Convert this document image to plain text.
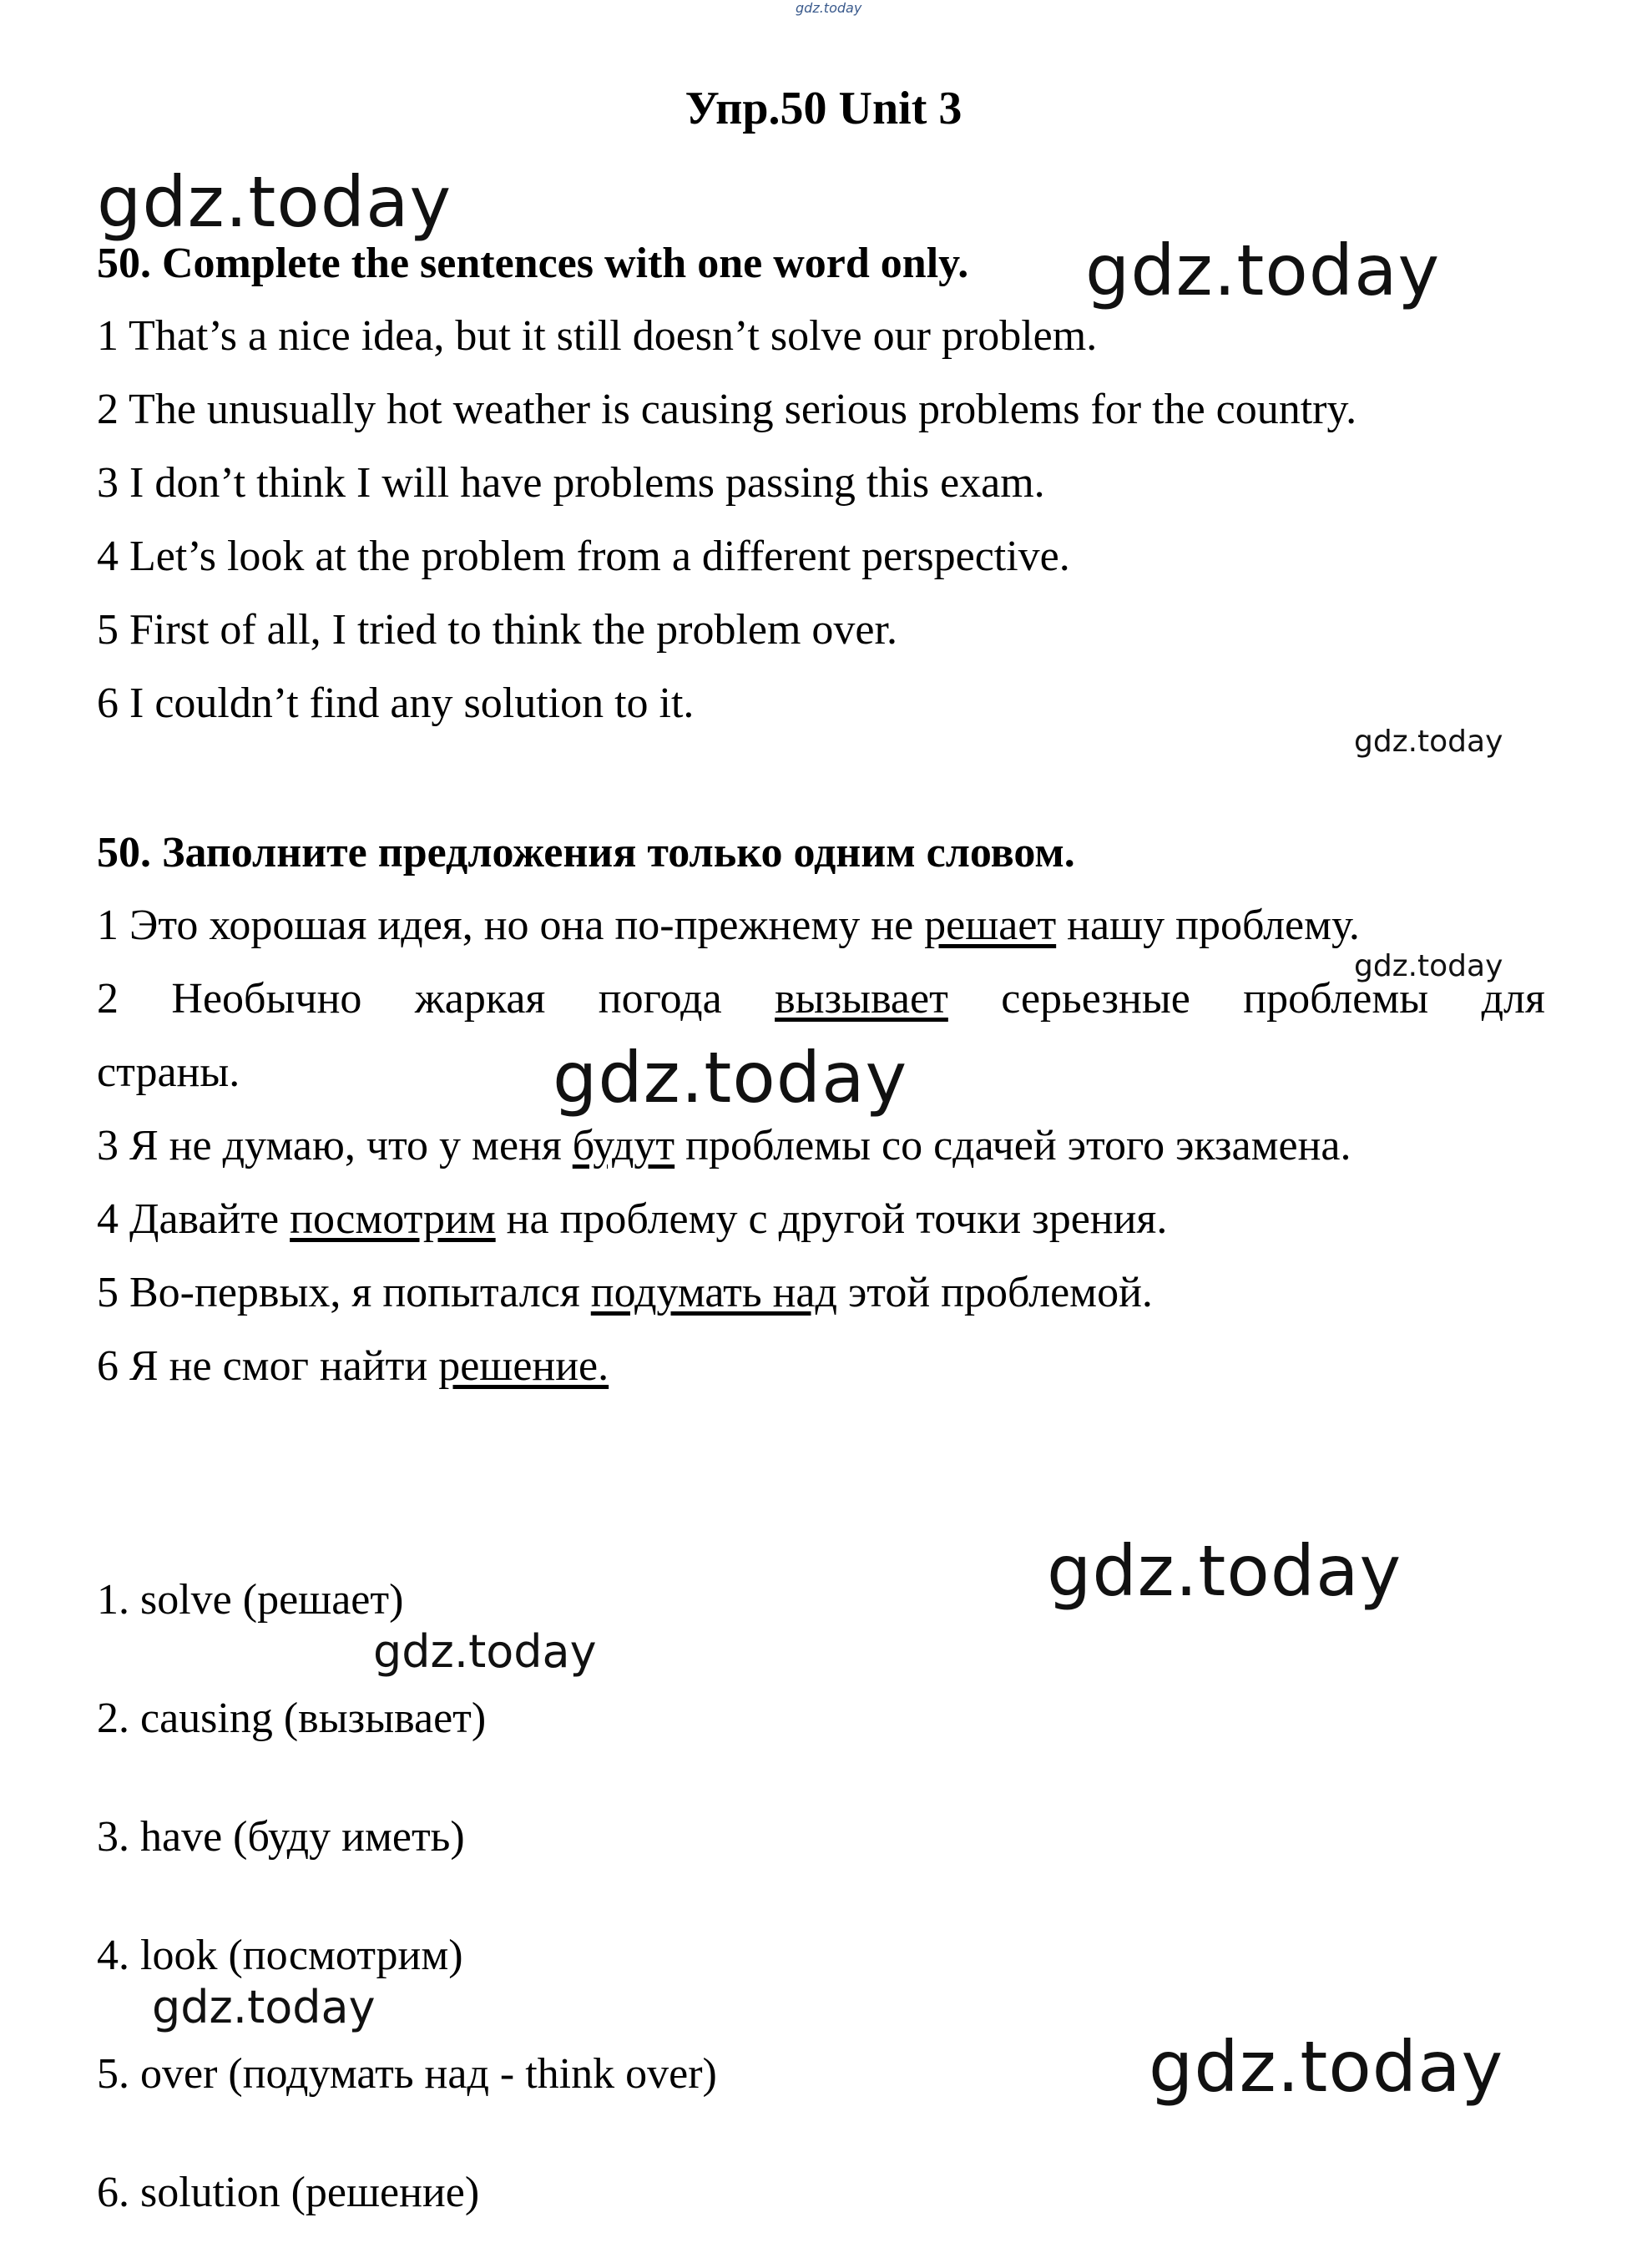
gdz.today
gdz.today
gdz.today
gdz.today
gdz.today
gdz.today
gdz.today
gdz.today
gdz.today
gdz.today
Упр.50 Unit 3
50. Complete the sentences with one word only.
1 That’s a nice idea, but it still doesn’t solve our problem.
2 The unusually hot weather is causing serious problems for the country.
3 I don’t think I will have problems passing this exam.
4 Let’s look at the problem from a different perspective.
5 First of all, I tried to think the problem over.
6 I couldn’t find any solution to it.
50. Заполните предложения только одним словом.
1 Это хорошая идея, но она по-прежнему не решает нашу проблему.
2 Необычно жаркая погода вызывает серьезные проблемы для
страны.
3 Я не думаю, что у меня будут проблемы со сдачей этого экзамена.
4 Давайте посмотрим на проблему с другой точки зрения.
5 Во-первых, я попытался подумать над этой проблемой.
6 Я не смог найти решение.
1. solve (решает)
2. causing (вызывает)
3. have (буду иметь)
4. look (посмотрим)
5. over (подумать над - think over)
6. solution (решение)
